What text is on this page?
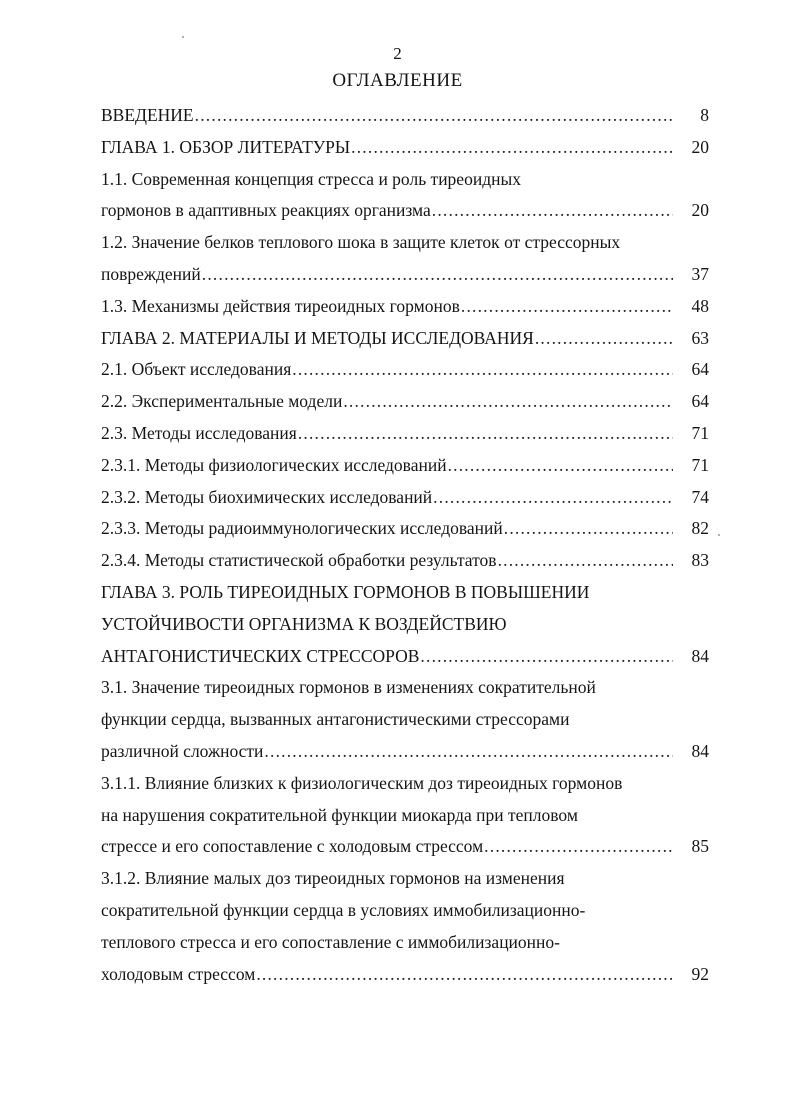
2
ОГЛАВЛЕНИЕ
ВВЕДЕНИЕ .....	8
ГЛАВА 1. ОБЗОР ЛИТЕРАТУРЫ .....	20
1.1. Современная концепция стресса и роль тиреоидных
гормонов в адаптивных реакциях организма .....	20
1.2. Значение белков теплового шока в защите клеток от стрессорных
повреждений .....	37
1.3. Механизмы действия тиреоидных гормонов .....	48
ГЛАВА 2. МАТЕРИАЛЫ И МЕТОДЫ ИССЛЕДОВАНИЯ .....	63
2.1. Объект исследования .....	64
2.2. Экспериментальные модели .....	64
2.3. Методы исследования .....	71
2.3.1. Методы физиологических исследований .....	71
2.3.2. Методы биохимических исследований .....	74
2.3.3. Методы радиоиммунологических исследований .....	82
2.3.4. Методы статистической обработки результатов .....	83
ГЛАВА 3. РОЛЬ ТИРЕОИДНЫХ ГОРМОНОВ В ПОВЫШЕНИИ
УСТОЙЧИВОСТИ ОРГАНИЗМА К ВОЗДЕЙСТВИЮ
АНТАГОНИСТИЧЕСКИХ СТРЕССОРОВ .....	84
3.1. Значение тиреоидных гормонов в изменениях сократительной
функции сердца, вызванных антагонистическими стрессорами
различной сложности .....	84
3.1.1. Влияние близких к физиологическим доз тиреоидных гормонов
на нарушения сократительной функции миокарда при тепловом
стрессе и его сопоставление с холодовым стрессом .....	85
3.1.2. Влияние малых доз тиреоидных гормонов на изменения
сократительной функции сердца в условиях иммобилизационно-
теплового стресса и его сопоставление с иммобилизационно-
холодовым стрессом .....	92
